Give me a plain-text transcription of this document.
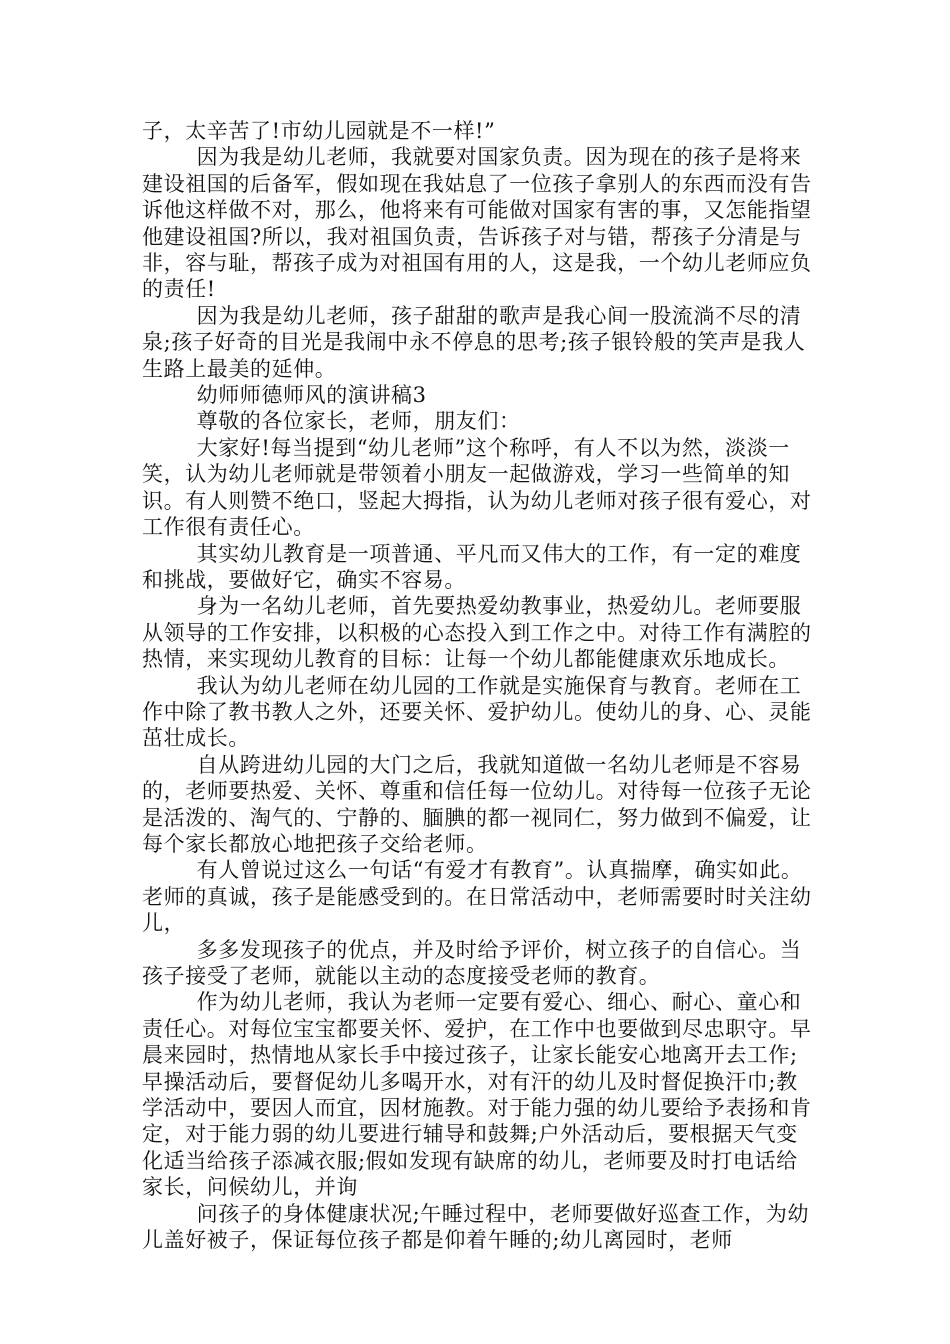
子，太辛苦了!市幼儿园就是不一样!”

因为我是幼儿老师，我就要对国家负责。因为现在的孩子是将来建设祖国的后备军，假如现在我姑息了一位孩子拿别人的东西而没有告诉他这样做不对，那么，他将来有可能做对国家有害的事，又怎能指望他建设祖国?所以，我对祖国负责，告诉孩子对与错，帮孩子分清是与非，容与耻，帮孩子成为对祖国有用的人，这是我，一个幼儿老师应负的责任!

因为我是幼儿老师，孩子甜甜的歌声是我心间一股流淌不尽的清泉;孩子好奇的目光是我闹中永不停息的思考;孩子银铃般的笑声是我人生路上最美的延伸。

幼师师德师风的演讲稿3

尊敬的各位家长，老师，朋友们：

大家好!每当提到“幼儿老师”这个称呼，有人不以为然，淡淡一笑，认为幼儿老师就是带领着小朋友一起做游戏，学习一些简单的知识。有人则赞不绝口，竖起大拇指，认为幼儿老师对孩子很有爱心，对工作很有责任心。

其实幼儿教育是一项普通、平凡而又伟大的工作，有一定的难度和挑战，要做好它，确实不容易。

身为一名幼儿老师，首先要热爱幼教事业，热爱幼儿。老师要服从领导的工作安排，以积极的心态投入到工作之中。对待工作有满腔的热情，来实现幼儿教育的目标：让每一个幼儿都能健康欢乐地成长。

我认为幼儿老师在幼儿园的工作就是实施保育与教育。老师在工作中除了教书教人之外，还要关怀、爱护幼儿。使幼儿的身、心、灵能茁壮成长。

自从跨进幼儿园的大门之后，我就知道做一名幼儿老师是不容易的，老师要热爱、关怀、尊重和信任每一位幼儿。对待每一位孩子无论是活泼的、淘气的、宁静的、腼腆的都一视同仁，努力做到不偏爱，让每个家长都放心地把孩子交给老师。

有人曾说过这么一句话“有爱才有教育”。认真揣摩，确实如此。老师的真诚，孩子是能感受到的。在日常活动中，老师需要时时关注幼儿，

多多发现孩子的优点，并及时给予评价，树立孩子的自信心。当孩子接受了老师，就能以主动的态度接受老师的教育。

作为幼儿老师，我认为老师一定要有爱心、细心、耐心、童心和责任心。对每位宝宝都要关怀、爱护，在工作中也要做到尽忠职守。早晨来园时，热情地从家长手中接过孩子，让家长能安心地离开去工作;早操活动后，要督促幼儿多喝开水，对有汗的幼儿及时督促换汗巾;教学活动中，要因人而宜，因材施教。对于能力强的幼儿要给予表扬和肯定，对于能力弱的幼儿要进行辅导和鼓舞;户外活动后，要根据天气变化适当给孩子添减衣服;假如发现有缺席的幼儿，老师要及时打电话给家长，问候幼儿，并询

问孩子的身体健康状况;午睡过程中，老师要做好巡查工作，为幼儿盖好被子，保证每位孩子都是仰着午睡的;幼儿离园时，老师
